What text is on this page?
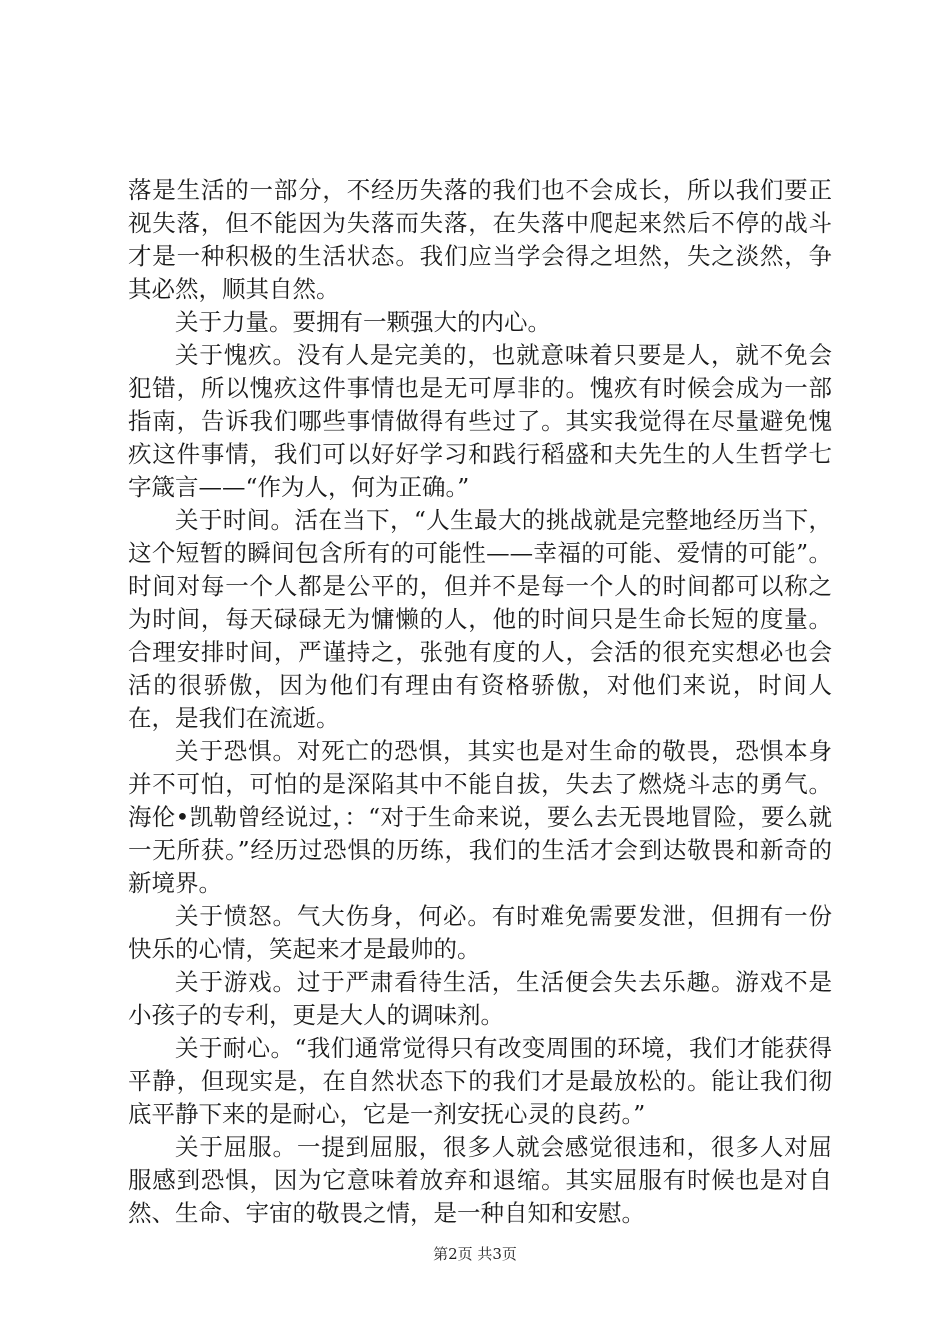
落是生活的一部分，不经历失落的我们也不会成长，所以我们要正视失落，但不能因为失落而失落，在失落中爬起来然后不停的战斗才是一种积极的生活状态。我们应当学会得之坦然，失之淡然，争其必然，顺其自然。

关于力量。要拥有一颗强大的内心。

关于愧疚。没有人是完美的，也就意味着只要是人，就不免会犯错，所以愧疚这件事情也是无可厚非的。愧疚有时候会成为一部指南，告诉我们哪些事情做得有些过了。其实我觉得在尽量避免愧疚这件事情，我们可以好好学习和践行稻盛和夫先生的人生哲学七字箴言——“作为人，何为正确。”

关于时间。活在当下，“人生最大的挑战就是完整地经历当下，这个短暂的瞬间包含所有的可能性——幸福的可能、爱情的可能”。时间对每一个人都是公平的，但并不是每一个人的时间都可以称之为时间，每天碌碌无为慵懒的人，他的时间只是生命长短的度量。合理安排时间，严谨持之，张弛有度的人，会活的很充实想必也会活的很骄傲，因为他们有理由有资格骄傲，对他们来说，时间人在，是我们在流逝。

关于恐惧。对死亡的恐惧，其实也是对生命的敬畏，恐惧本身并不可怕，可怕的是深陷其中不能自拔，失去了燃烧斗志的勇气。海伦•凯勒曾经说过，：“对于生命来说，要么去无畏地冒险，要么就一无所获。”经历过恐惧的历练，我们的生活才会到达敬畏和新奇的新境界。

关于愤怒。气大伤身，何必。有时难免需要发泄，但拥有一份快乐的心情，笑起来才是最帅的。

关于游戏。过于严肃看待生活，生活便会失去乐趣。游戏不是小孩子的专利，更是大人的调味剂。

关于耐心。“我们通常觉得只有改变周围的环境，我们才能获得平静，但现实是，在自然状态下的我们才是最放松的。能让我们彻底平静下来的是耐心，它是一剂安抚心灵的良药。”

关于屈服。一提到屈服，很多人就会感觉很违和，很多人对屈服感到恐惧，因为它意味着放弃和退缩。其实屈服有时候也是对自然、生命、宇宙的敬畏之情，是一种自知和安慰。

第2页 共3页
